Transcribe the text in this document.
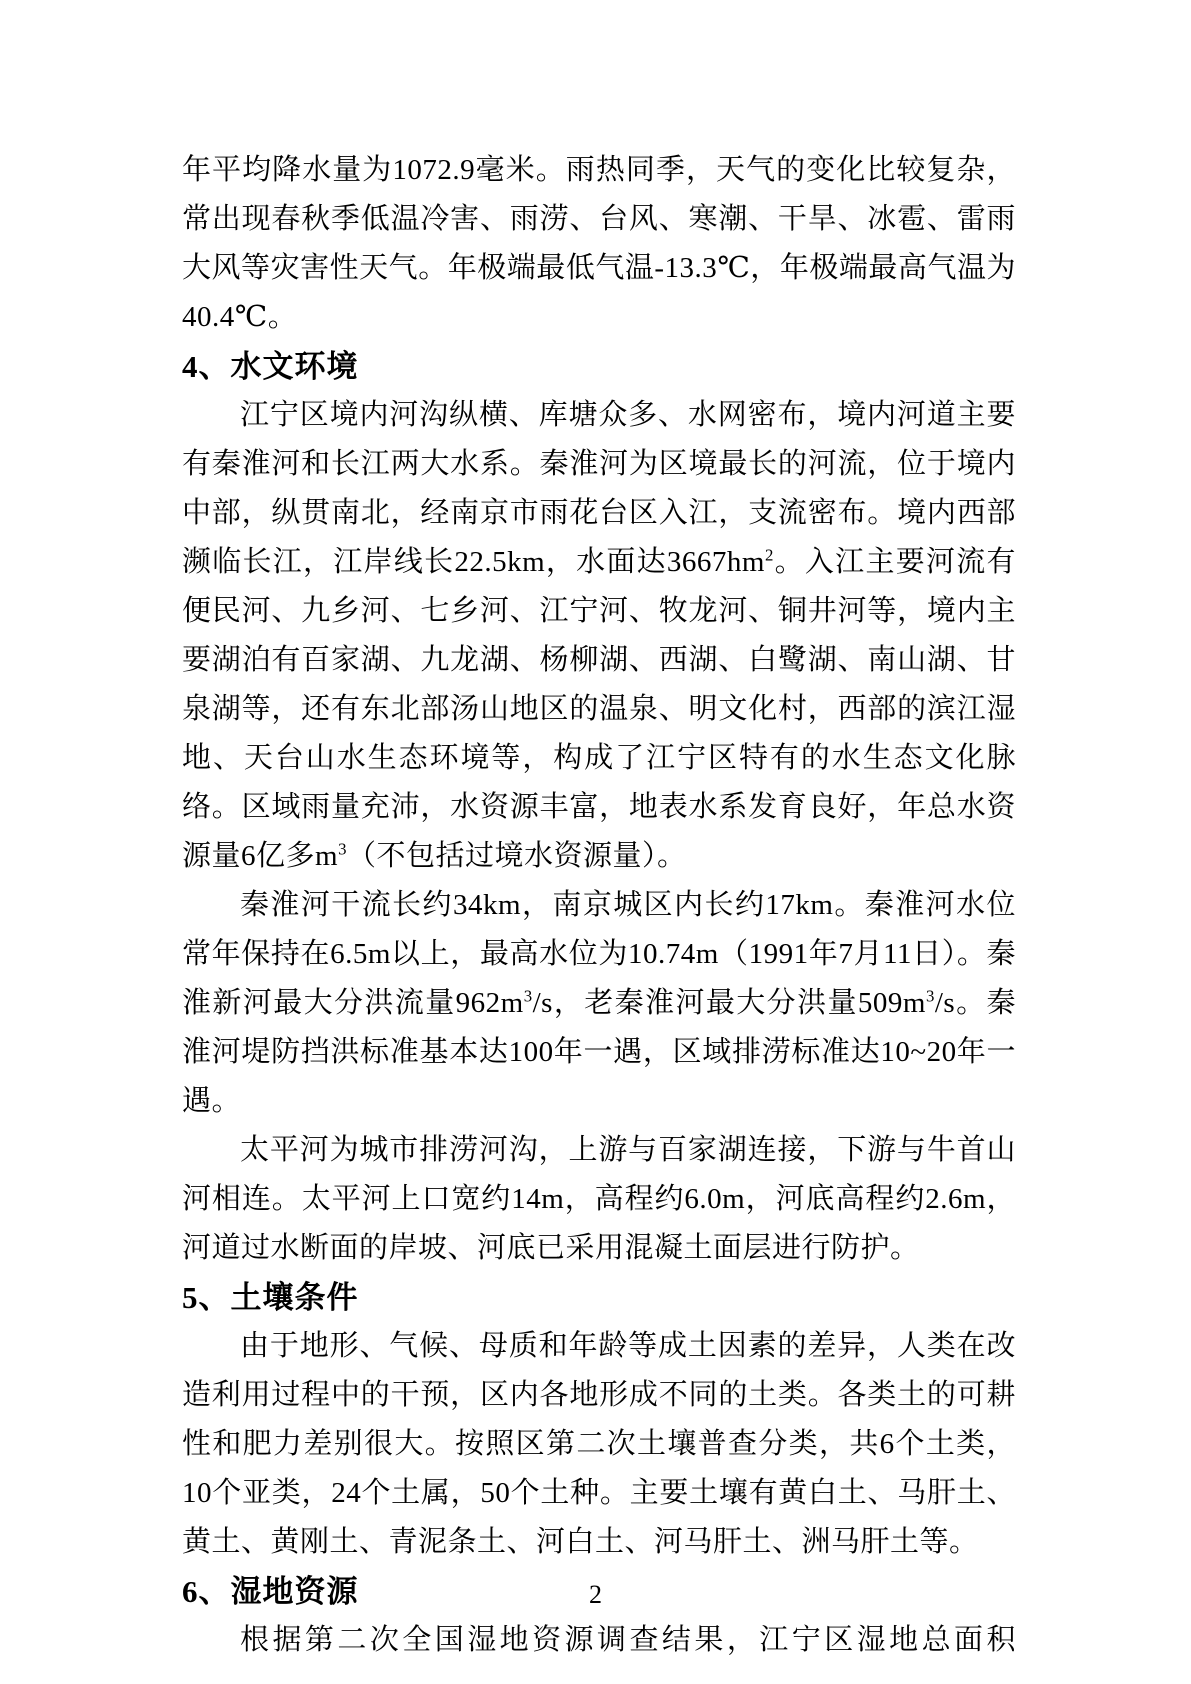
年平均降水量为1072.9毫米。雨热同季，天气的变化比较复杂，常出现春秋季低温冷害、雨涝、台风、寒潮、干旱、冰雹、雷雨大风等灾害性天气。年极端最低气温-13.3℃，年极端最高气温为40.4℃。

4、水文环境

江宁区境内河沟纵横、库塘众多、水网密布，境内河道主要有秦淮河和长江两大水系。秦淮河为区境最长的河流，位于境内中部，纵贯南北，经南京市雨花台区入江，支流密布。境内西部濒临长江，江岸线长22.5km，水面达$3667hm^2$。入江主要河流有便民河、九乡河、七乡河、江宁河、牧龙河、铜井河等，境内主要湖泊有百家湖、九龙湖、杨柳湖、西湖、白鹭湖、南山湖、甘泉湖等，还有东北部汤山地区的温泉、明文化村，西部的滨江湿地、天台山水生态环境等，构成了江宁区特有的水生态文化脉络。区域雨量充沛，水资源丰富，地表水系发育良好，年总水资源量6亿多$m^3$（不包括过境水资源量）。

秦淮河干流长约34km，南京城区内长约17km。秦淮河水位常年保持在6.5m以上，最高水位为10.74m（1991年7月11日）。秦淮新河最大分洪流量$962m^3/s$，老秦淮河最大分洪量$509m^3/s$。秦淮河堤防挡洪标准基本达100年一遇，区域排涝标准达10~20年一遇。

太平河为城市排涝河沟，上游与百家湖连接，下游与牛首山河相连。太平河上口宽约14m，高程约6.0m，河底高程约2.6m，河道过水断面的岸坡、河底已采用混凝土面层进行防护。

5、土壤条件

由于地形、气候、母质和年龄等成土因素的差异，人类在改造利用过程中的干预，区内各地形成不同的土类。各类土的可耕性和肥力差别很大。按照区第二次土壤普查分类，共6个土类，10个亚类，24个土属，50个土种。主要土壤有黄白土、马肝土、黄土、黄刚土、青泥条土、河白土、河马肝土、洲马肝土等。

6、湿地资源

根据第二次全国湿地资源调查结果，江宁区湿地总面积

2
